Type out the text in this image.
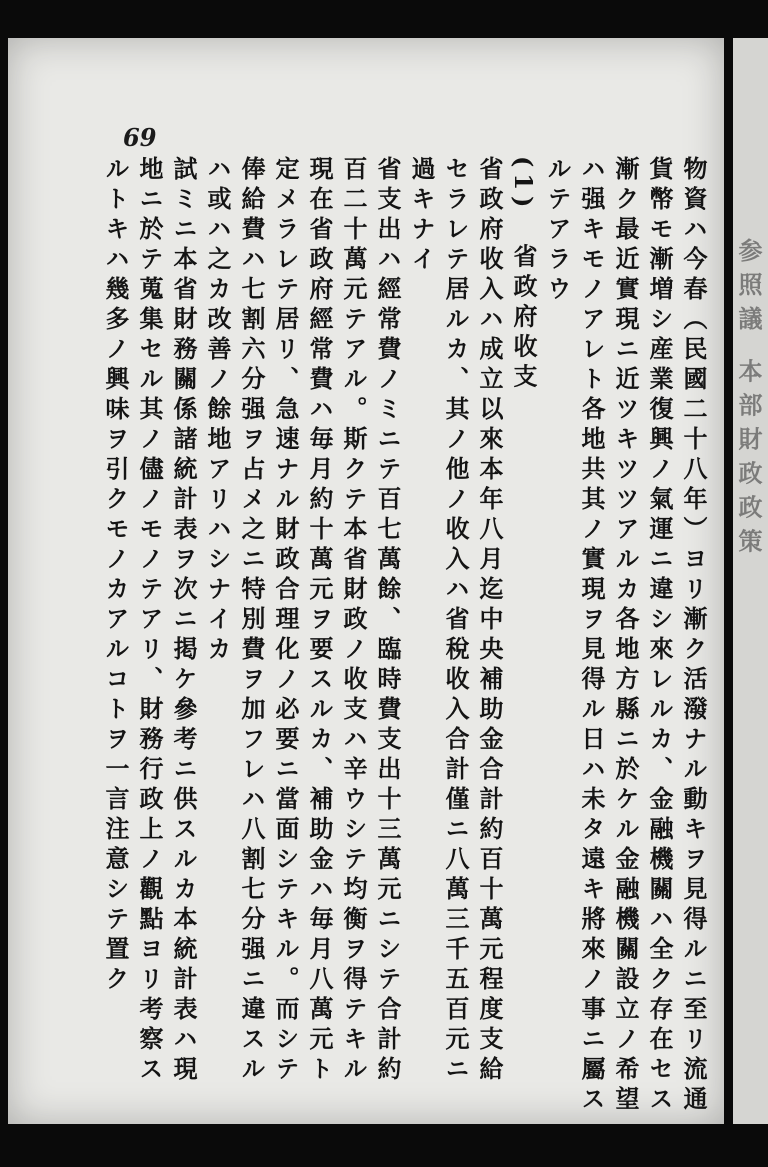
69

物資ハ今春（民國二十八年）ヨリ漸ク活潑ナル動キヲ見得ルニ至リ流通

貨幣モ漸増シ産業復興ノ氣運ニ違シ來レルカ、金融機關ハ全ク存在セス

漸ク最近實現ニ近ツキツツアルカ各地方縣ニ於ケル金融機關設立ノ希望

ハ强キモノアレト各地共其ノ實現ヲ見得ル日ハ未タ遠キ將來ノ事ニ屬ス

ルテアラウ

(1)　省政府收支

省政府收入ハ成立以來本年八月迄中央補助金合計約百十萬元程度支給

セラレテ居ルカ、其ノ他ノ收入ハ省稅收入合計僅ニ八萬三千五百元ニ

過キナイ

省支出ハ經常費ノミニテ百七萬餘、臨時費支出十三萬元ニシテ合計約

百二十萬元テアル。斯クテ本省財政ノ收支ハ辛ウシテ均衡ヲ得テキル

現在省政府經常費ハ毎月約十萬元ヲ要スルカ、補助金ハ毎月八萬元ト

定メラレテ居リ、急速ナル財政合理化ノ必要ニ當面シテキル。而シテ

俸給費ハ七割六分强ヲ占メ之ニ特別費ヲ加フレハ八割七分强ニ違スル

ハ或ハ之カ改善ノ餘地アリハシナイカ

試ミニ本省財務關係諸統計表ヲ次ニ掲ケ參考ニ供スルカ本統計表ハ現

地ニ於テ蒐集セル其ノ儘ノモノテアリ、財務行政上ノ觀點ヨリ考察ス

ルトキハ幾多ノ興味ヲ引クモノカアルコトヲ一言注意シテ置ク	参照議 本部財政政策
